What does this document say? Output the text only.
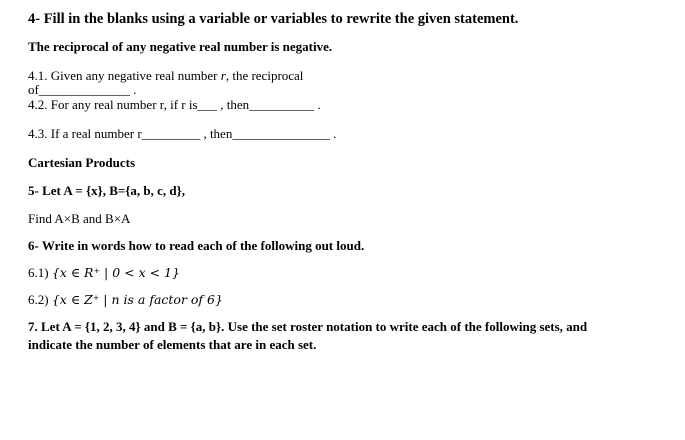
4- Fill in the blanks using a variable or variables to rewrite the given statement.
The reciprocal of any negative real number is negative.
4.1. Given any negative real number r, the reciprocal
of______________ .
4.2. For any real number r, if r is___ , then__________ .
4.3. If a real number r_________ , then_______________ .
Cartesian Products
5- Let A = {x}, B={a, b, c, d},
Find A×B and B×A
6- Write in words how to read each of the following out loud.
6.1) {x ∈ R⁺ | 0 < x < 1}
6.2) {x ∈ Z⁺ | n is a factor of 6}
7. Let A = {1, 2, 3, 4} and B = {a, b}. Use the set roster notation to write each of the following sets, and
indicate the number of elements that are in each set.
